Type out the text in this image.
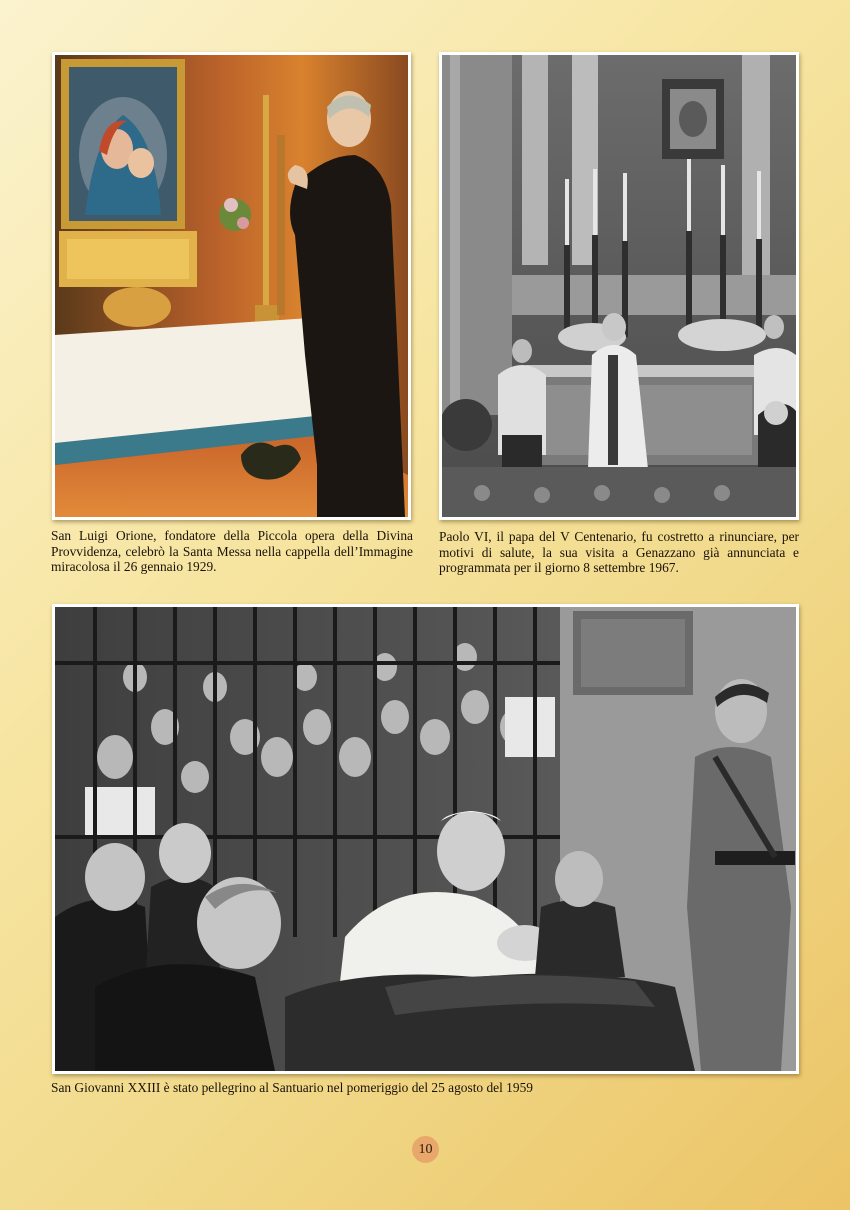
San Luigi Orione, fondatore della Piccola opera della Divina Provvidenza, celebrò la Santa Messa nella cappella dell’Immagine miracolosa il 26 gennaio 1929.

Paolo VI, il papa del V Centenario, fu costretto a rinunciare, per motivi di salute, la sua visita a Genazzano già annunciata e programmata per il giorno 8 settembre 1967.

San Giovanni XXIII è stato pellegrino al Santuario nel pomeriggio del 25 agosto del 1959

10
